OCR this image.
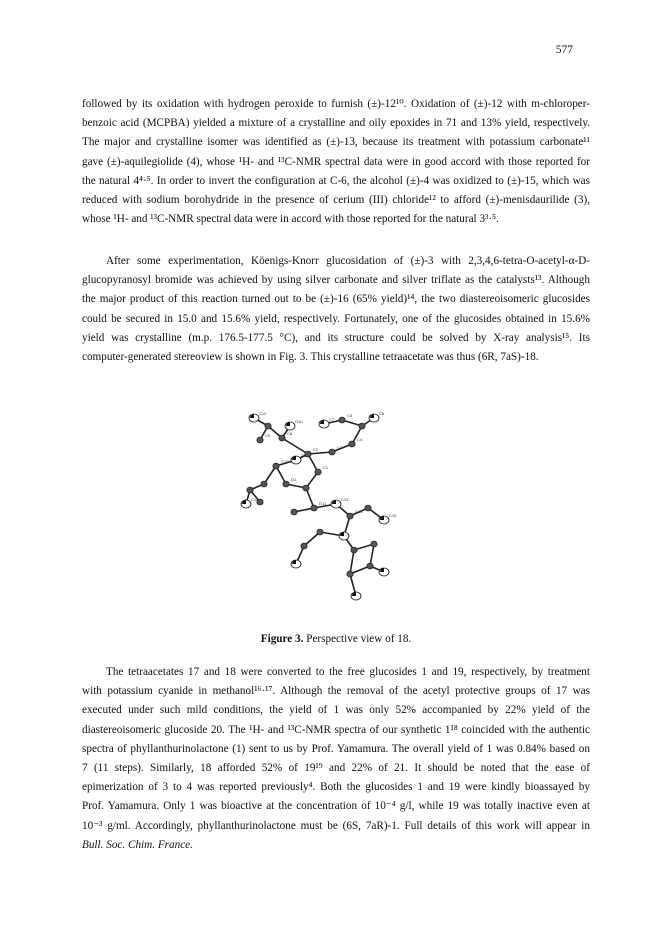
577
followed by its oxidation with hydrogen peroxide to furnish (±)-12¹⁰. Oxidation of (±)-12 with m-chloroper-
benzoic acid (MCPBA) yielded a mixture of a crystalline and oily epoxides in 71 and 13% yield, respectively.
The major and crystalline isomer was identified as (±)-13, because its treatment with potassium carbonate¹¹
gave (±)-aquilegiolide (4), whose ¹H- and ¹³C-NMR spectral data were in good accord with those reported for
the natural 4⁴·⁵. In order to invert the configuration at C-6, the alcohol (±)-4 was oxidized to (±)-15, which was
reduced with sodium borohydride in the presence of cerium (III) chloride¹² to afford (±)-menisdaurilide (3),
whose ¹H- and ¹³C-NMR spectral data were in accord with those reported for the natural 3³·⁵.
After some experimentation, Köenigs-Knorr glucosidation of (±)-3 with 2,3,4,6-tetra-O-acetyl-α-D-
glucopyranosyl bromide was achieved by using silver carbonate and silver triflate as the catalysts¹³. Although
the major product of this reaction turned out to be (±)-16 (65% yield)¹⁴, the two diastereoisomeric glucosides
could be secured in 15.0 and 15.6% yield, respectively. Fortunately, one of the glucosides obtained in 15.6%
yield was crystalline (m.p. 176.5-177.5 °C), and its structure could be solved by X-ray analysis¹⁵. Its
computer-generated stereoview is shown in Fig. 3. This crystalline tetraacetate was thus (6R, 7aS)-18.
O10
C12
C9	C8
C7
C6
C5
C4
C3
C2
C1
O1
O2
C10
C11	C13
O11
C14
C15
Figure 3. Perspective view of 18.
The tetraacetates 17 and 18 were converted to the free glucosides 1 and 19, respectively, by treatment
with potassium cyanide in methanol¹⁶·¹⁷. Although the removal of the acetyl protective groups of 17 was
executed under such mild conditions, the yield of 1 was only 52% accompanied by 22% yield of the
diastereoisomeric glucoside 20. The ¹H- and ¹³C-NMR spectra of our synthetic 1¹⁸ coincided with the authentic
spectra of phyllanthurinolactone (1) sent to us by Prof. Yamamura. The overall yield of 1 was 0.84% based on
7 (11 steps). Similarly, 18 afforded 52% of 19¹⁹ and 22% of 21. It should be noted that the ease of
epimerization of 3 to 4 was reported previously⁴. Both the glucosides 1 and 19 were kindly bioassayed by
Prof. Yamamura. Only 1 was bioactive at the concentration of 10⁻⁴ g/l, while 19 was totally inactive even at
10⁻³ g/ml. Accordingly, phyllanthurinolactone must be (6S, 7aR)-1. Full details of this work will appear in
Bull. Soc. Chim. France.
